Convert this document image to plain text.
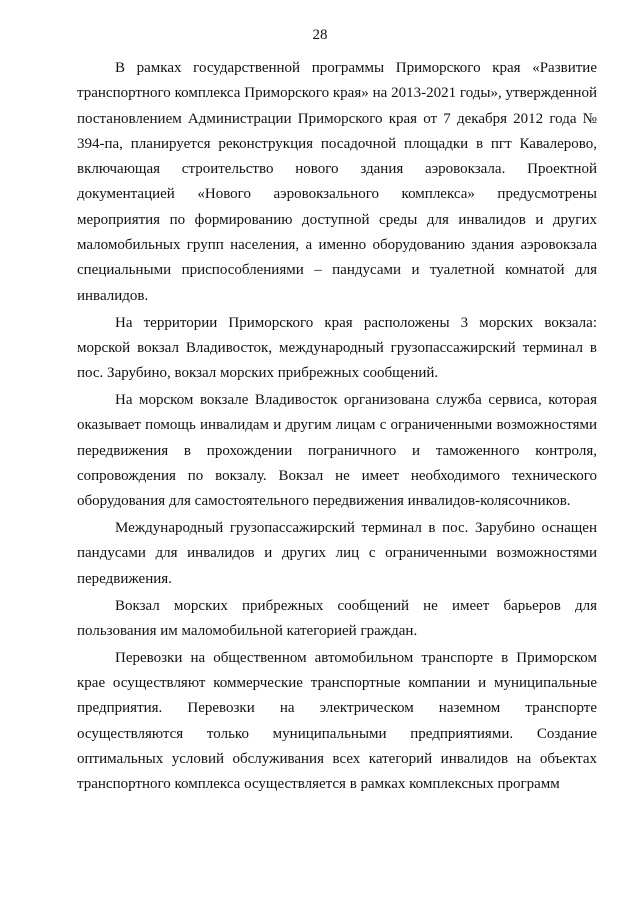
28

В рамках государственной программы Приморского края «Развитие транспортного комплекса Приморского края» на 2013-2021 годы», утвержденной постановлением Администрации Приморского края от 7 декабря 2012 года № 394-па, планируется реконструкция посадочной площадки в пгт Кавалерово, включающая строительство нового здания аэровокзала. Проектной документацией «Нового аэровокзального комплекса» предусмотрены мероприятия по формированию доступной среды для инвалидов и других маломобильных групп населения, а именно оборудованию здания аэровокзала специальными приспособлениями – пандусами и туалетной комнатой для инвалидов.

На территории Приморского края расположены 3 морских вокзала: морской вокзал Владивосток, международный грузопассажирский терминал в пос. Зарубино, вокзал морских прибрежных сообщений.

На морском вокзале Владивосток организована служба сервиса, которая оказывает помощь инвалидам и другим лицам с ограниченными возможностями передвижения в прохождении пограничного и таможенного контроля, сопровождения по вокзалу. Вокзал не имеет необходимого технического оборудования для самостоятельного передвижения инвалидов-колясочников.

Международный грузопассажирский терминал в пос. Зарубино оснащен пандусами для инвалидов и других лиц с ограниченными возможностями передвижения.

Вокзал морских прибрежных сообщений не имеет барьеров для пользования им маломобильной категорией граждан.

Перевозки на общественном автомобильном транспорте в Приморском крае осуществляют коммерческие транспортные компании и муниципальные предприятия. Перевозки на электрическом наземном транспорте осуществляются только муниципальными предприятиями. Создание оптимальных условий обслуживания всех категорий инвалидов на объектах транспортного комплекса осуществляется в рамках комплексных программ
